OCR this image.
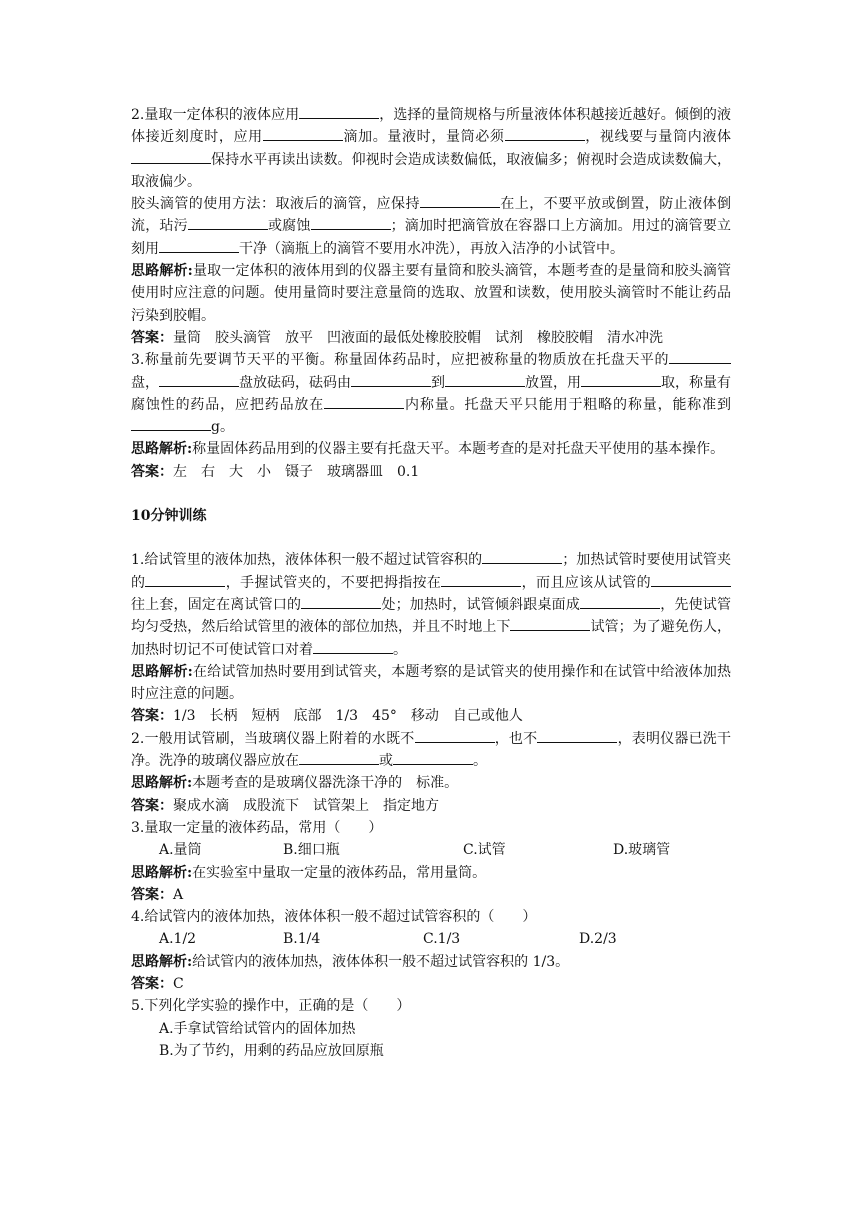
2.量取一定体积的液体应用	，选择的量筒规格与所量液体体积越接近越好。倾倒的液体接近刻度时，应用	滴加。量液时，量筒必须	，视线要与量筒内液体保持水平再读出读数。仰视时会造成读数偏低，取液偏多；俯视时会造成读数偏大，取液偏少。

胶头滴管的使用方法：取液后的滴管，应保持	在上，不要平放或倒置，防止液体倒流，玷污	或腐蚀	；滴加时把滴管放在容器口上方滴加。用过的滴管要立刻用	干净（滴瓶上的滴管不要用水冲洗），再放入洁净的小试管中。

思路解析:量取一定体积的液体用到的仪器主要有量筒和胶头滴管，本题考查的是量筒和胶头滴管使用时应注意的问题。使用量筒时要注意量筒的选取、放置和读数，使用胶头滴管时不能让药品污染到胶帽。

答案：量筒 胶头滴管 放平 凹液面的最低处橡胶胶帽 试剂 橡胶胶帽 清水冲洗

3.称量前先要调节天平的平衡。称量固体药品时，应把被称量的物质放在托盘天平的盘，	盘放砝码，砝码由	到	放置，用	取，称量有腐蚀性的药品，应把药品放在	内称量。托盘天平只能用于粗略的称量，能称准到g。

思路解析:称量固体药品用到的仪器主要有托盘天平。本题考查的是对托盘天平使用的基本操作。

答案：左 右 大 小 镊子 玻璃器皿 0.1

10分钟训练

1.给试管里的液体加热，液体体积一般不超过试管容积的	；加热试管时要使用试管夹的	，手握试管夹的，不要把拇指按在	，而且应该从试管的往上套，固定在离试管口的	处；加热时，试管倾斜跟桌面成	，先使试管均匀受热，然后给试管里的液体的部位加热，并且不时地上下	试管；为了避免伤人，加热时切记不可使试管口对着	。

思路解析:在给试管加热时要用到试管夹，本题考察的是试管夹的使用操作和在试管中给液体加热时应注意的问题。

答案：1/3 长柄 短柄 底部 1/3 45° 移动 自己或他人

2.一般用试管刷，当玻璃仪器上附着的水既不	，也不	，表明仪器已洗干净。洗净的玻璃仪器应放在	或	。

思路解析:本题考查的是玻璃仪器洗涤干净的　标准。

答案：聚成水滴 成股流下 试管架上 指定地方

3.量取一定量的液体药品，常用（　　）

A.量筒	B.细口瓶	C.试管	D.玻璃管

思路解析:在实验室中量取一定量的液体药品，常用量筒。

答案：A

4.给试管内的液体加热，液体体积一般不超过试管容积的（　　）

A.1/2	B.1/4	C.1/3	D.2/3

思路解析:给试管内的液体加热，液体体积一般不超过试管容积的 1/3。

答案：C

5.下列化学实验的操作中，正确的是（　　）

A.手拿试管给试管内的固体加热

B.为了节约，用剩的药品应放回原瓶
